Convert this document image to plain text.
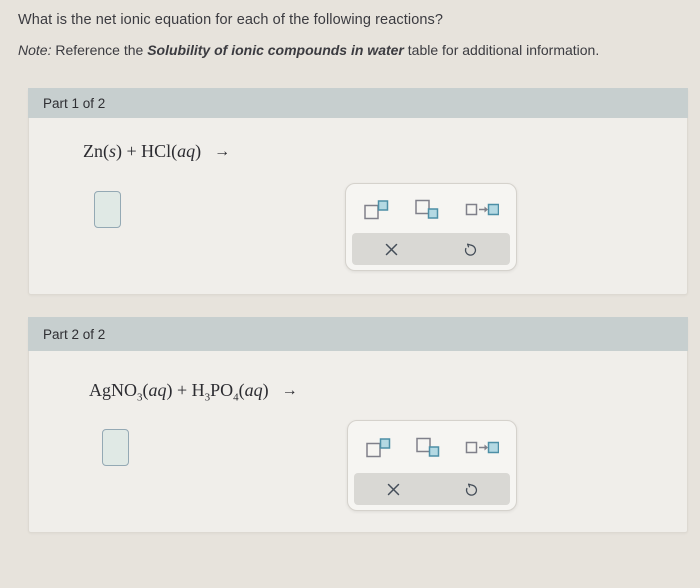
What is the net ionic equation for each of the following reactions?
Note: Reference the Solubility of ionic compounds in water table for additional information.
Part 1 of 2
Zn(s) + HCl(aq) →
Part 2 of 2
AgNO$_3$(aq) + $H_3PO_4(aq)$ →
